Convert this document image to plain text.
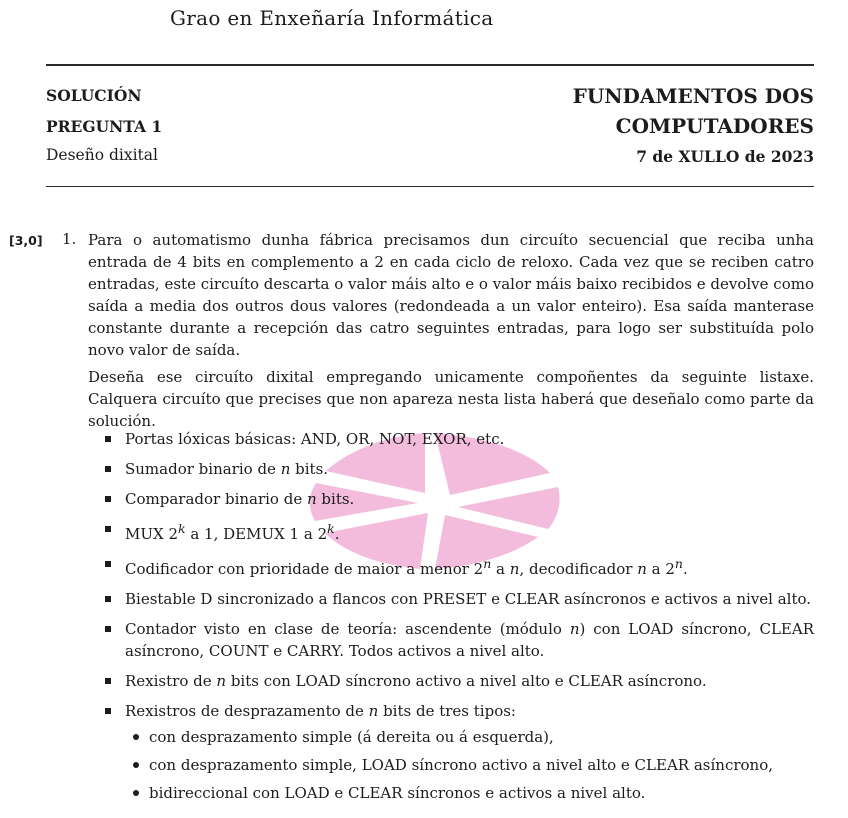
Grao en Enxeñaría Informática
SOLUCIÓN
PREGUNTA 1
Deseño dixital
FUNDAMENTOS DOS
COMPUTADORES
7 de XULLO de 2023
[3,0] 1. Para o automatismo dunha fábrica precisamos dun circuíto secuencial que reciba unha entrada de 4 bits en complemento a 2 en cada ciclo de reloxo. Cada vez que se reciben catro entradas, este circuíto descarta o valor máis alto e o valor máis baixo recibidos e devolve como saída a media dos outros dous valores (redondeada a un valor enteiro). Esa saída manterase constante durante a recepción das catro seguintes entradas, para logo ser substituída polo novo valor de saída.
Deseña ese circuíto dixital empregando unicamente compoñentes da seguinte listaxe. Calquera circuíto que precises que non apareza nesta lista haberá que deseñalo como parte da solución.
Portas lóxicas básicas: AND, OR, NOT, EXOR, etc.
Sumador binario de n bits.
Comparador binario de n bits.
MUX 2$^k$ a 1, DEMUX 1 a 2$^k$.
Codificador con prioridade de maior a menor 2$^n$ a n, decodificador n a 2$^n$.
Biestable D sincronizado a flancos con PRESET e CLEAR asíncronos e activos a nivel alto.
Contador visto en clase de teoría: ascendente (módulo n) con LOAD síncrono, CLEAR asíncrono, COUNT e CARRY. Todos activos a nivel alto.
Rexistro de n bits con LOAD síncrono activo a nivel alto e CLEAR asíncrono.
Rexistros de desprazamento de n bits de tres tipos:
con desprazamento simple (á dereita ou á esquerda),
con desprazamento simple, LOAD síncrono activo a nivel alto e CLEAR asíncrono,
bidireccional con LOAD e CLEAR síncronos e activos a nivel alto.
